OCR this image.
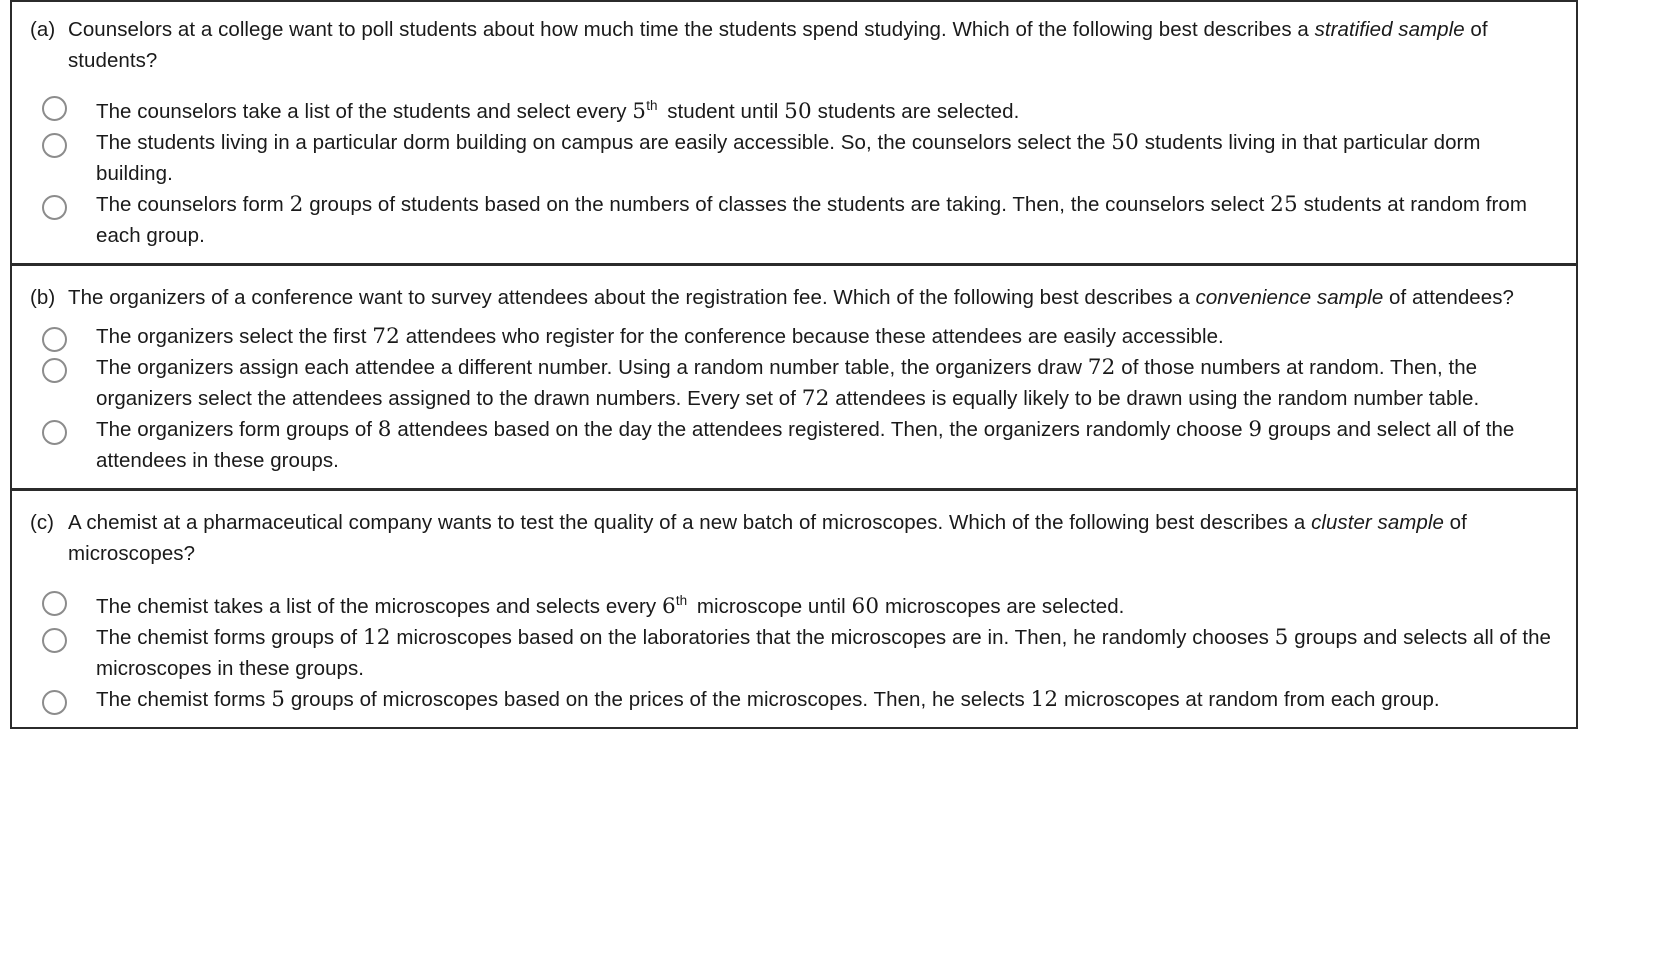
(a) Counselors at a college want to poll students about how much time the students spend studying. Which of the following best describes a stratified sample of students?
The counselors take a list of the students and select every 5th student until 50 students are selected.
The students living in a particular dorm building on campus are easily accessible. So, the counselors select the 50 students living in that particular dorm building.
The counselors form 2 groups of students based on the numbers of classes the students are taking. Then, the counselors select 25 students at random from each group.
(b) The organizers of a conference want to survey attendees about the registration fee. Which of the following best describes a convenience sample of attendees?
The organizers select the first 72 attendees who register for the conference because these attendees are easily accessible.
The organizers assign each attendee a different number. Using a random number table, the organizers draw 72 of those numbers at random. Then, the organizers select the attendees assigned to the drawn numbers. Every set of 72 attendees is equally likely to be drawn using the random number table.
The organizers form groups of 8 attendees based on the day the attendees registered. Then, the organizers randomly choose 9 groups and select all of the attendees in these groups.
(c) A chemist at a pharmaceutical company wants to test the quality of a new batch of microscopes. Which of the following best describes a cluster sample of microscopes?
The chemist takes a list of the microscopes and selects every 6th microscope until 60 microscopes are selected.
The chemist forms groups of 12 microscopes based on the laboratories that the microscopes are in. Then, he randomly chooses 5 groups and selects all of the microscopes in these groups.
The chemist forms 5 groups of microscopes based on the prices of the microscopes. Then, he selects 12 microscopes at random from each group.
